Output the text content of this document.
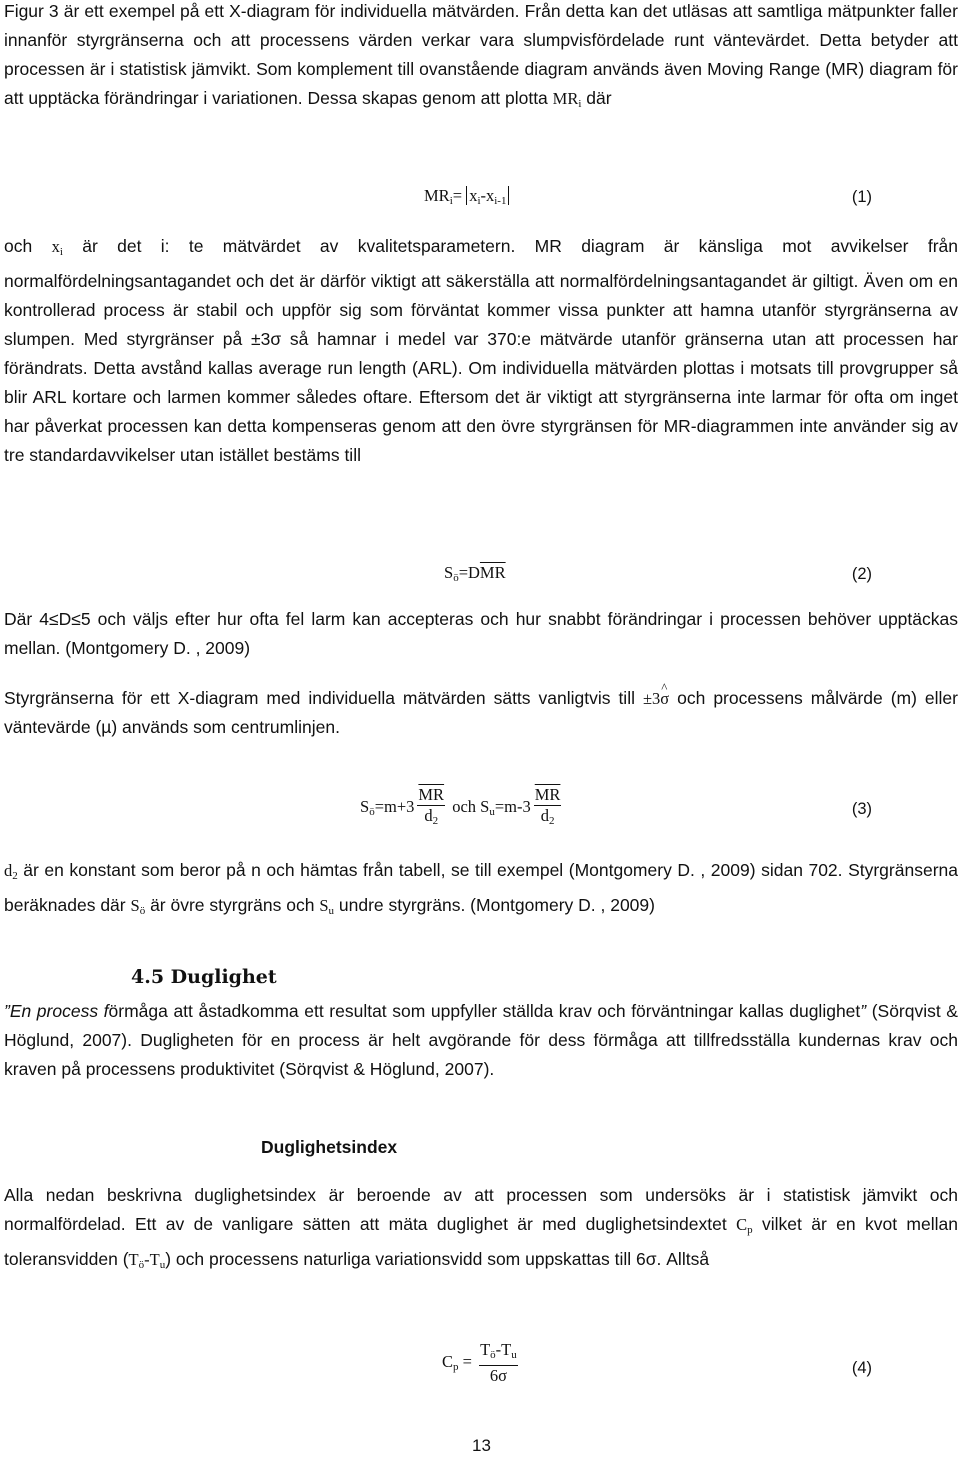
Figur 3 är ett exempel på ett X-diagram för individuella mätvärden. Från detta kan det utläsas att samtliga mätpunkter faller innanför styrgränserna och att processens värden verkar vara slumpvisfördelade runt väntevärdet. Detta betyder att processen är i statistisk jämvikt. Som komplement till ovanstående diagram används även Moving Range (MR) diagram för att upptäcka förändringar i variationen. Dessa skapas genom att plotta $MR_i$ där

$MR_i= x_i-x_{i-1}$	(1)

och $x_i$ är det i: te mätvärdet av kvalitetsparametern. MR diagram är känsliga mot avvikelser från normalfördelningsantagandet och det är därför viktigt att säkerställa att normalfördelningsantagandet är giltigt. Även om en kontrollerad process är stabil och uppför sig som förväntat kommer vissa punkter att hamna utanför styrgränserna av slumpen. Med styrgränser på ±3σ så hamnar i medel var 370:e mätvärde utanför gränserna utan att processen har förändrats. Detta avstånd kallas average run length (ARL). Om individuella mätvärden plottas i motsats till provgrupper så blir ARL kortare och larmen kommer således oftare. Eftersom det är viktigt att styrgränserna inte larmar för ofta om inget har påverkat processen kan detta kompenseras genom att den övre styrgränsen för MR-diagrammen inte använder sig av tre standardavvikelser utan istället bestäms till

$S_ö=D\overline{MR}$	(2)

Där 4≤D≤5 och väljs efter hur ofta fel larm kan accepteras och hur snabbt förändringar i processen behöver upptäckas mellan. (Montgomery D. , 2009)

Styrgränserna för ett X-diagram med individuella mätvärden sätts vanligtvis till ±3^ σ och processens målvärde (m) eller väntevärde (µ) används som centrumlinjen.

$S_ö=m+3 \frac{\overline{MR}}{d_2}$ och $S_u=m-3 \frac{\overline{MR}}{d_2}$	(3)

$d_2$ är en konstant som beror på n och hämtas från tabell, se till exempel (Montgomery D. , 2009) sidan 702. Styrgränserna beräknades där $S_ö$ är övre styrgräns och $S_u$ undre styrgräns. (Montgomery D. , 2009)

4.5 Duglighet

”En process förmåga att åstadkomma ett resultat som uppfyller ställda krav och förväntningar kallas duglighet” (Sörqvist & Höglund, 2007). Dugligheten för en process är helt avgörande för dess förmåga att tillfredsställa kundernas krav och kraven på processens produktivitet (Sörqvist & Höglund, 2007).

Duglighetsindex

Alla nedan beskrivna duglighetsindex är beroende av att processen som undersöks är i statistisk jämvikt och normalfördelad. Ett av de vanligare sätten att mäta duglighet är med duglighetsindextet $C_p$ vilket är en kvot mellan toleransvidden $(T_ö-T_u)$ och processens naturliga variationsvidd som uppskattas till 6σ. Alltså

$C_p = \frac{T_ö-T_u}{6\sigma}$	(4)
13
